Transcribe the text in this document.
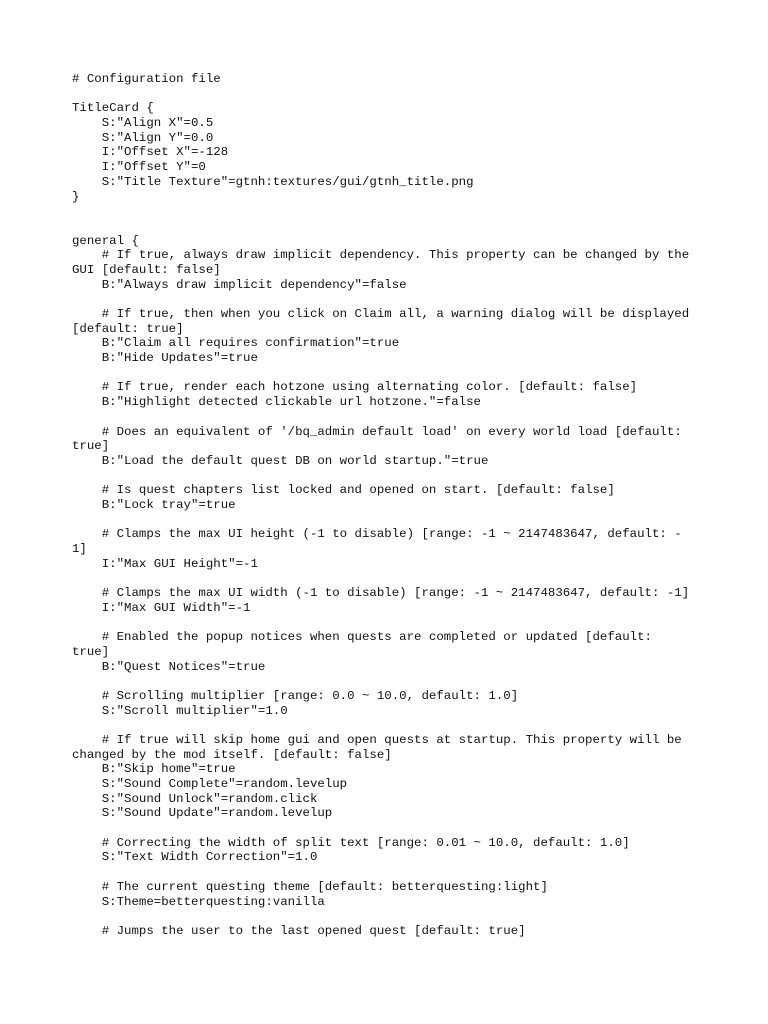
# Configuration file
TitleCard {
S:"Align X"=0.5
S:"Align Y"=0.0
I:"Offset X"=-128
I:"Offset Y"=0
S:"Title Texture"=gtnh:textures/gui/gtnh_title.png
}
general {
# If true, always draw implicit dependency. This property can be changed by the
GUI [default: false]
B:"Always draw implicit dependency"=false
# If true, then when you click on Claim all, a warning dialog will be displayed
[default: true]
B:"Claim all requires confirmation"=true
B:"Hide Updates"=true
# If true, render each hotzone using alternating color. [default: false]
B:"Highlight detected clickable url hotzone."=false
# Does an equivalent of '/bq_admin default load' on every world load [default:
true]
B:"Load the default quest DB on world startup."=true
# Is quest chapters list locked and opened on start. [default: false]
B:"Lock tray"=true
# Clamps the max UI height (-1 to disable) [range: -1 ~ 2147483647, default: -
1]
I:"Max GUI Height"=-1
# Clamps the max UI width (-1 to disable) [range: -1 ~ 2147483647, default: -1]
I:"Max GUI Width"=-1
# Enabled the popup notices when quests are completed or updated [default:
true]
B:"Quest Notices"=true
# Scrolling multiplier [range: 0.0 ~ 10.0, default: 1.0]
S:"Scroll multiplier"=1.0
# If true will skip home gui and open quests at startup. This property will be
changed by the mod itself. [default: false]
B:"Skip home"=true
S:"Sound Complete"=random.levelup
S:"Sound Unlock"=random.click
S:"Sound Update"=random.levelup
# Correcting the width of split text [range: 0.01 ~ 10.0, default: 1.0]
S:"Text Width Correction"=1.0
# The current questing theme [default: betterquesting:light]
S:Theme=betterquesting:vanilla
# Jumps the user to the last opened quest [default: true]
